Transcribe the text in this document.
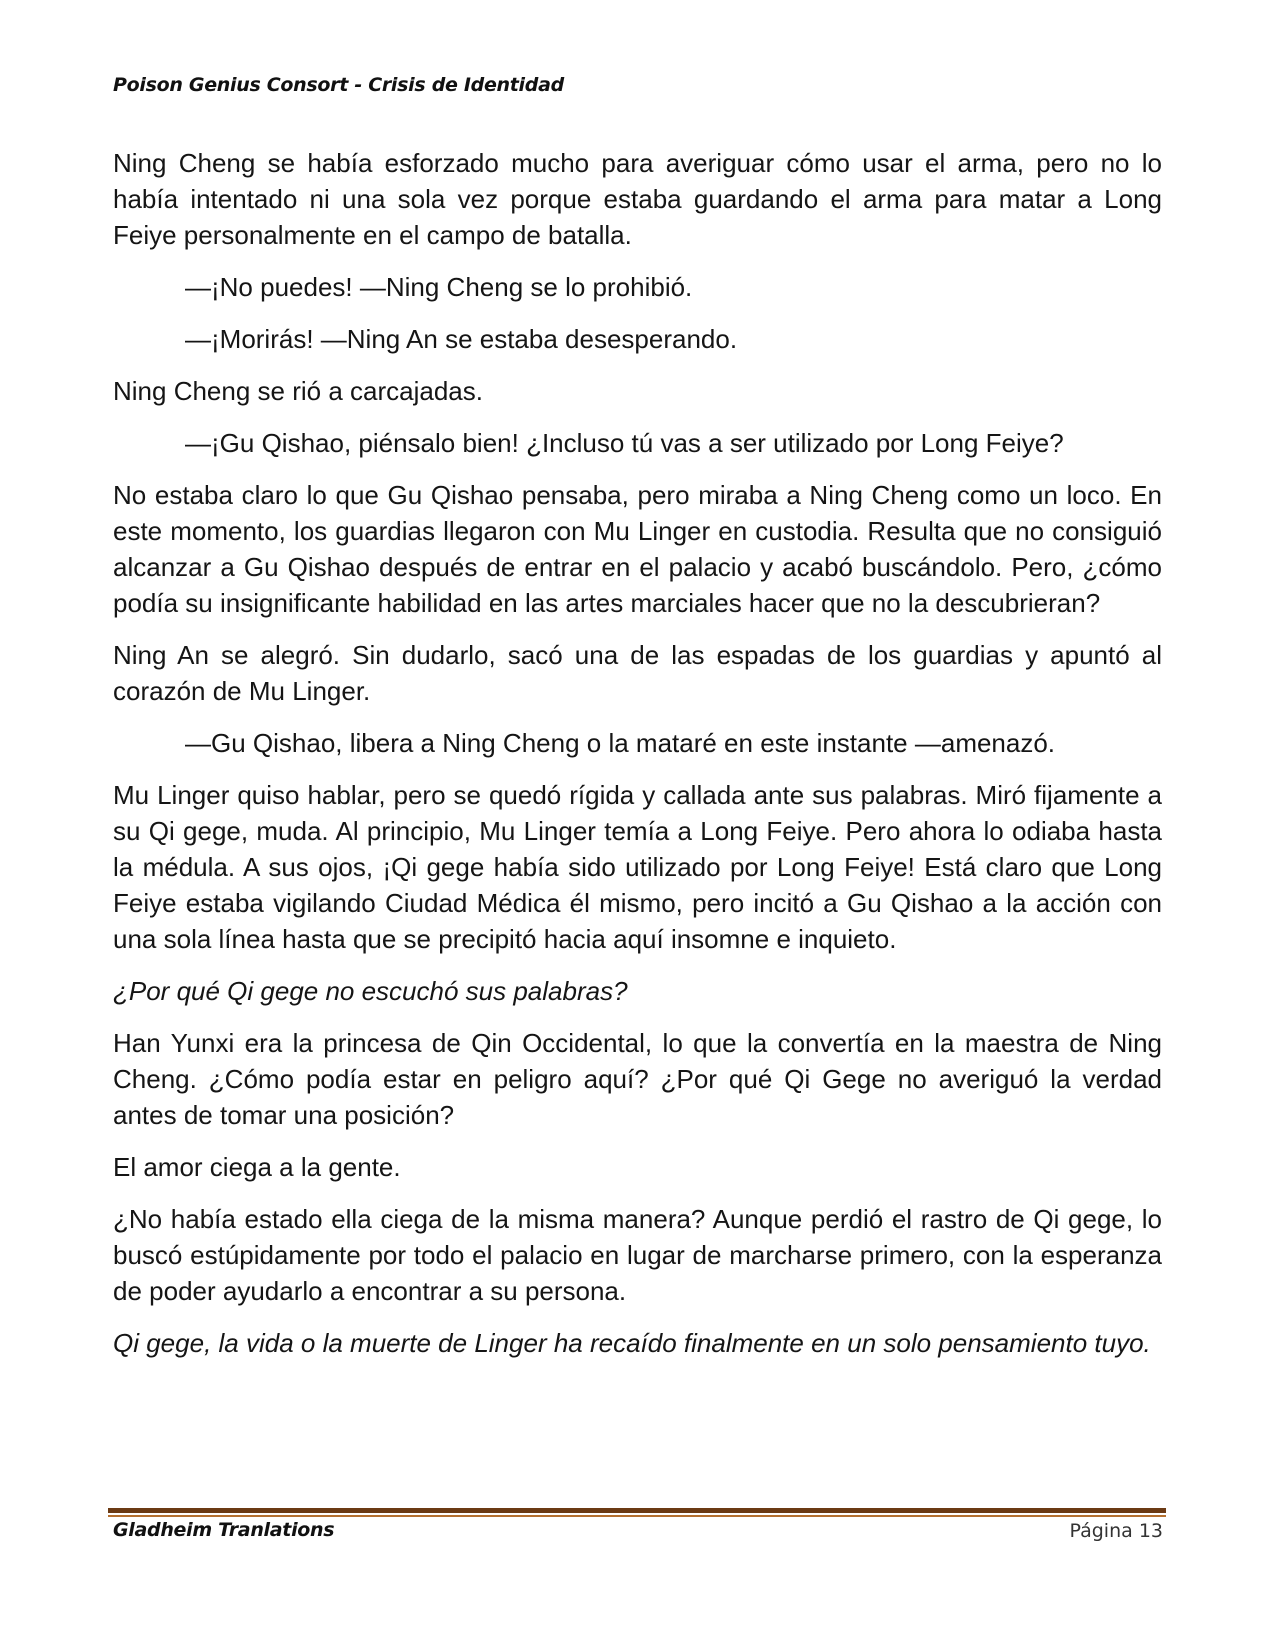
Poison Genius Consort - Crisis de Identidad

Ning Cheng se había esforzado mucho para averiguar cómo usar el arma, pero no lo había intentado ni una sola vez porque estaba guardando el arma para matar a Long Feiye personalmente en el campo de batalla.

—¡No puedes! —Ning Cheng se lo prohibió.

—¡Morirás! —Ning An se estaba desesperando.

Ning Cheng se rió a carcajadas.

—¡Gu Qishao, piénsalo bien! ¿Incluso tú vas a ser utilizado por Long Feiye?

No estaba claro lo que Gu Qishao pensaba, pero miraba a Ning Cheng como un loco. En este momento, los guardias llegaron con Mu Linger en custodia. Resulta que no consiguió alcanzar a Gu Qishao después de entrar en el palacio y acabó buscándolo. Pero, ¿cómo podía su insignificante habilidad en las artes marciales hacer que no la descubrieran?

Ning An se alegró. Sin dudarlo, sacó una de las espadas de los guardias y apuntó al corazón de Mu Linger.

—Gu Qishao, libera a Ning Cheng o la mataré en este instante —amenazó.

Mu Linger quiso hablar, pero se quedó rígida y callada ante sus palabras. Miró fijamente a su Qi gege, muda. Al principio, Mu Linger temía a Long Feiye. Pero ahora lo odiaba hasta la médula. A sus ojos, ¡Qi gege había sido utilizado por Long Feiye! Está claro que Long Feiye estaba vigilando Ciudad Médica él mismo, pero incitó a Gu Qishao a la acción con una sola línea hasta que se precipitó hacia aquí insomne e inquieto.

¿Por qué Qi gege no escuchó sus palabras?

Han Yunxi era la princesa de Qin Occidental, lo que la convertía en la maestra de Ning Cheng. ¿Cómo podía estar en peligro aquí? ¿Por qué Qi Gege no averiguó la verdad antes de tomar una posición?

El amor ciega a la gente.

¿No había estado ella ciega de la misma manera? Aunque perdió el rastro de Qi gege, lo buscó estúpidamente por todo el palacio en lugar de marcharse primero, con la esperanza de poder ayudarlo a encontrar a su persona.

Qi gege, la vida o la muerte de Linger ha recaído finalmente en un solo pensamiento tuyo.

Gladheim Tranlations	Página 13
